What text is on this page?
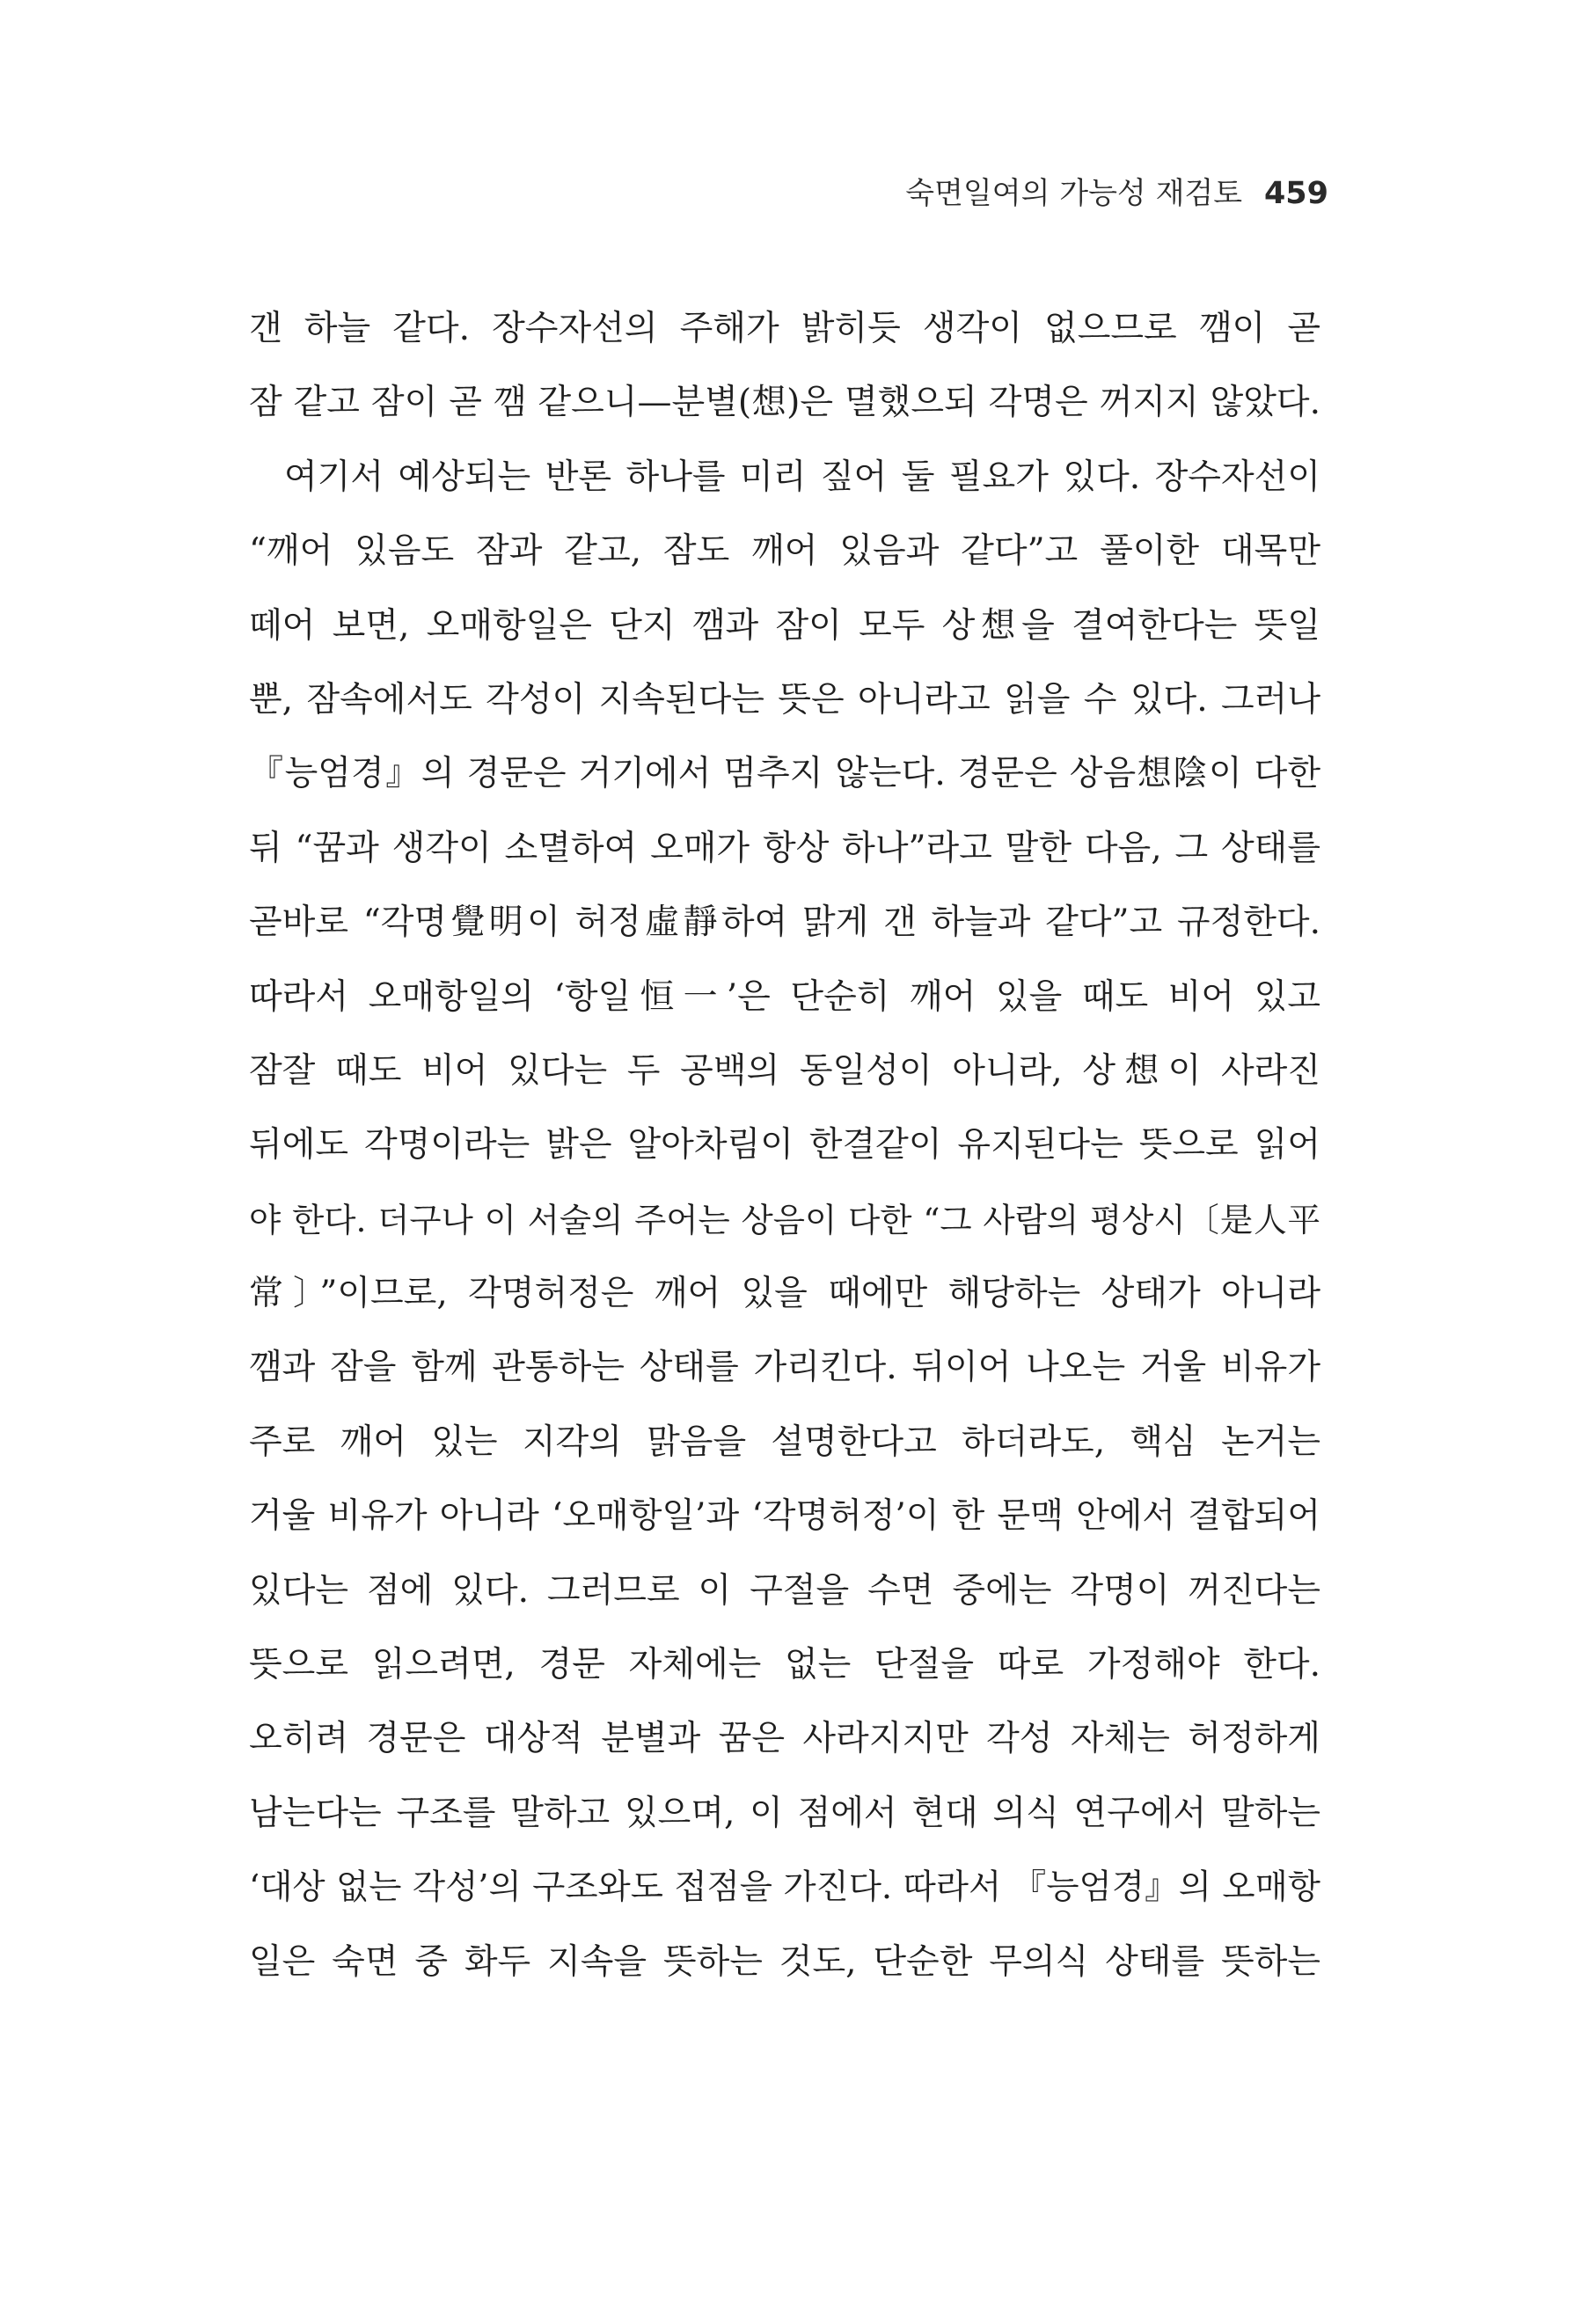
숙면일여의 가능성 재검토 459
갠 하늘 같다. 장수자선의 주해가 밝히듯 생각이 없으므로 깸이 곧
잠 같고 잠이 곧 깸 같으니—분별(想)은 멸했으되 각명은 꺼지지 않았다.
여기서 예상되는 반론 하나를 미리 짚어 둘 필요가 있다. 장수자선이
“깨어 있음도 잠과 같고, 잠도 깨어 있음과 같다”고 풀이한 대목만
떼어 보면, 오매항일은 단지 깸과 잠이 모두 상想을 결여한다는 뜻일
뿐, 잠속에서도 각성이 지속된다는 뜻은 아니라고 읽을 수 있다. 그러나
『능엄경』의 경문은 거기에서 멈추지 않는다. 경문은 상음想陰이 다한
뒤 “꿈과 생각이 소멸하여 오매가 항상 하나”라고 말한 다음, 그 상태를
곧바로 “각명覺明이 허정虛靜하여 맑게 갠 하늘과 같다”고 규정한다.
따라서 오매항일의 ‘항일恒一’은 단순히 깨어 있을 때도 비어 있고
잠잘 때도 비어 있다는 두 공백의 동일성이 아니라, 상想이 사라진
뒤에도 각명이라는 밝은 알아차림이 한결같이 유지된다는 뜻으로 읽어
야 한다. 더구나 이 서술의 주어는 상음이 다한 “그 사람의 평상시〔是人平
常〕”이므로, 각명허정은 깨어 있을 때에만 해당하는 상태가 아니라
깸과 잠을 함께 관통하는 상태를 가리킨다. 뒤이어 나오는 거울 비유가
주로 깨어 있는 지각의 맑음을 설명한다고 하더라도, 핵심 논거는
거울 비유가 아니라 ‘오매항일’과 ‘각명허정’이 한 문맥 안에서 결합되어
있다는 점에 있다. 그러므로 이 구절을 수면 중에는 각명이 꺼진다는
뜻으로 읽으려면, 경문 자체에는 없는 단절을 따로 가정해야 한다.
오히려 경문은 대상적 분별과 꿈은 사라지지만 각성 자체는 허정하게
남는다는 구조를 말하고 있으며, 이 점에서 현대 의식 연구에서 말하는
‘대상 없는 각성’의 구조와도 접점을 가진다. 따라서 『능엄경』의 오매항
일은 숙면 중 화두 지속을 뜻하는 것도, 단순한 무의식 상태를 뜻하는
